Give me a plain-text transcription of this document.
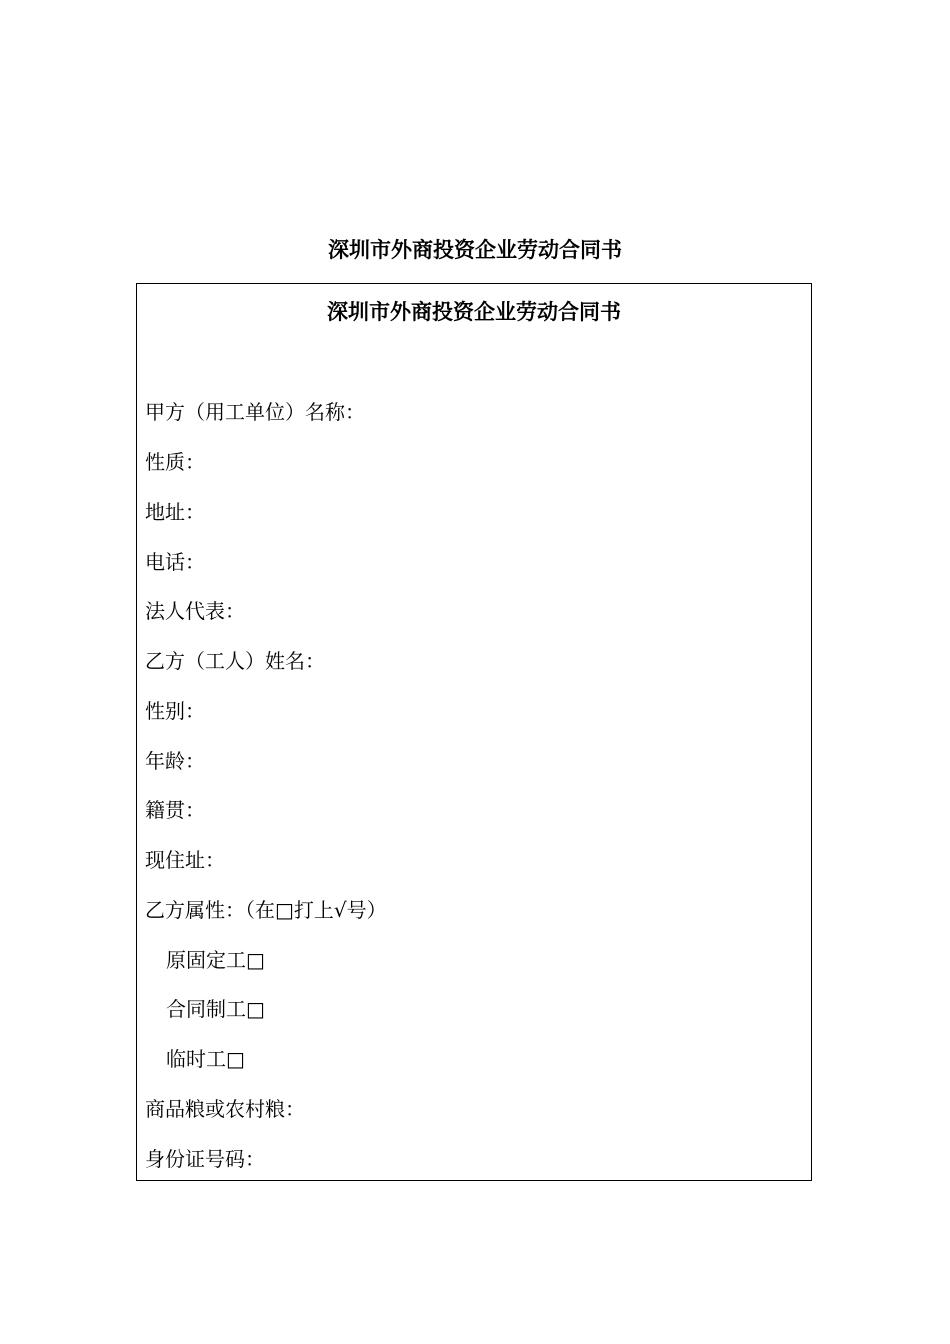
深圳市外商投资企业劳动合同书
深圳市外商投资企业劳动合同书
甲方（用工单位）名称：
性质：
地址：
电话：
法人代表：
乙方（工人）姓名：
性别：
年龄：
籍贯：
现住址：
乙方属性：（在□打上√号）
原固定工□
合同制工□
临时工□
商品粮或农村粮：
身份证号码：
